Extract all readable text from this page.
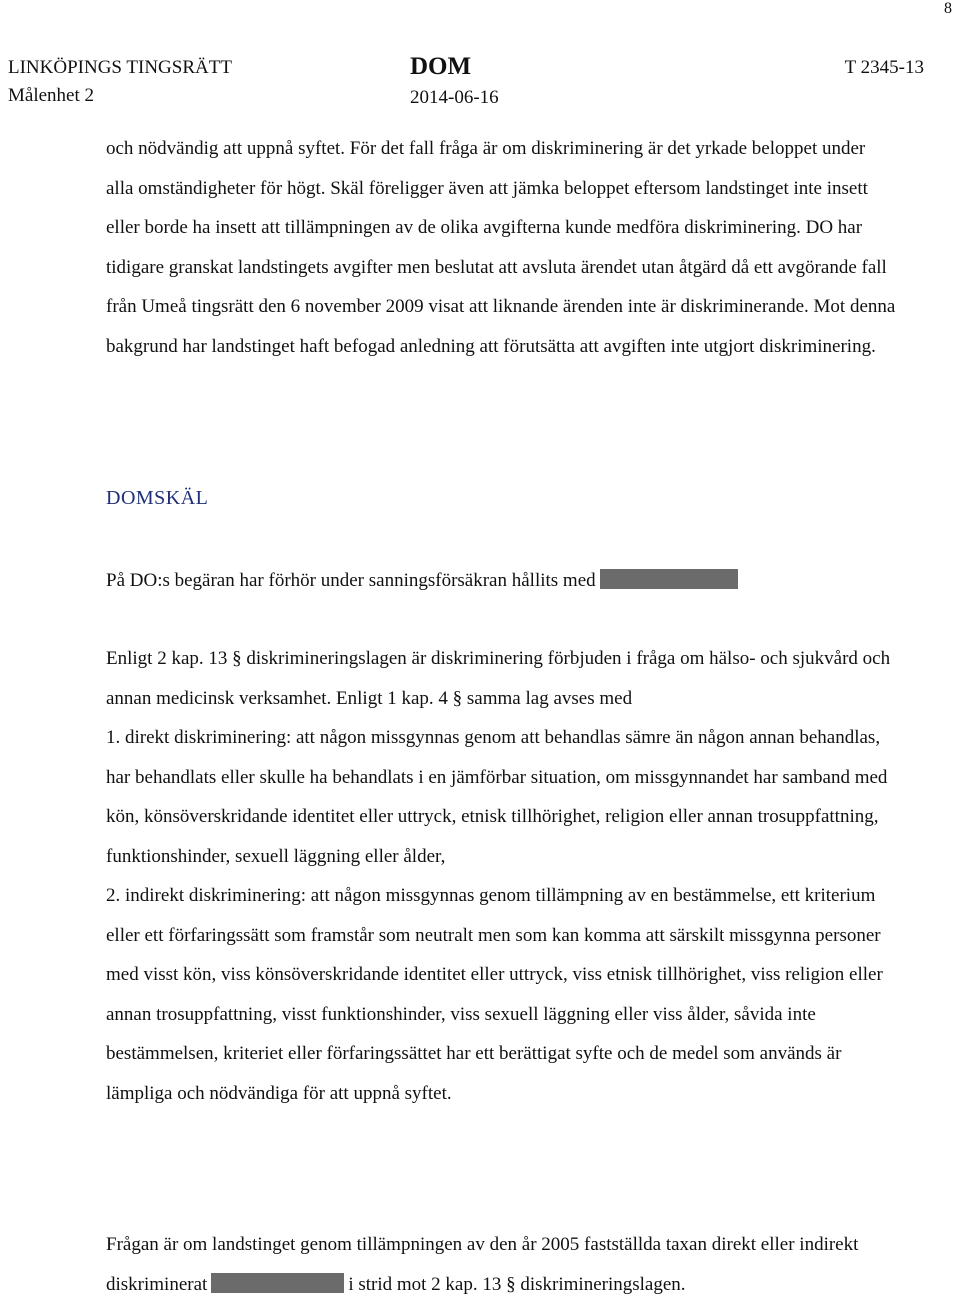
8
LINKÖPINGS TINGSRÄTT
Målenhet 2
DOM
2014-06-16
T 2345-13

och nödvändig att uppnå syftet. För det fall fråga är om diskriminering är det yrkade beloppet under alla omständigheter för högt. Skäl föreligger även att jämka beloppet eftersom landstinget inte insett eller borde ha insett att tillämpningen av de olika avgifterna kunde medföra diskriminering. DO har tidigare granskat landstingets avgifter men beslutat att avsluta ärendet utan åtgärd då ett avgörande fall från Umeå tingsrätt den 6 november 2009 visat att liknande ärenden inte är diskriminerande. Mot denna bakgrund har landstinget haft befogad anledning att förutsätta att avgiften inte utgjort diskriminering.

DOMSKÄL

På DO:s begäran har förhör under sanningsförsäkran hållits med

Enligt 2 kap. 13 § diskrimineringslagen är diskriminering förbjuden i fråga om hälso- och sjukvård och annan medicinsk verksamhet. Enligt 1 kap. 4 § samma lag avses med
1. direkt diskriminering: att någon missgynnas genom att behandlas sämre än någon annan behandlas, har behandlats eller skulle ha behandlats i en jämförbar situation, om missgynnandet har samband med kön, könsöverskridande identitet eller uttryck, etnisk tillhörighet, religion eller annan trosuppfattning, funktionshinder, sexuell läggning eller ålder,
2. indirekt diskriminering: att någon missgynnas genom tillämpning av en bestämmelse, ett kriterium eller ett förfaringssätt som framstår som neutralt men som kan komma att särskilt missgynna personer med visst kön, viss könsöverskridande identitet eller uttryck, viss etnisk tillhörighet, viss religion eller annan trosuppfattning, visst funktionshinder, viss sexuell läggning eller viss ålder, såvida inte bestämmelsen, kriteriet eller förfaringssättet har ett berättigat syfte och de medel som används är lämpliga och nödvändiga för att uppnå syftet.

Frågan är om landstinget genom tillämpningen av den år 2005 fastställda taxan direkt eller indirekt diskriminerat	i strid mot 2 kap. 13 § diskrimineringslagen.
